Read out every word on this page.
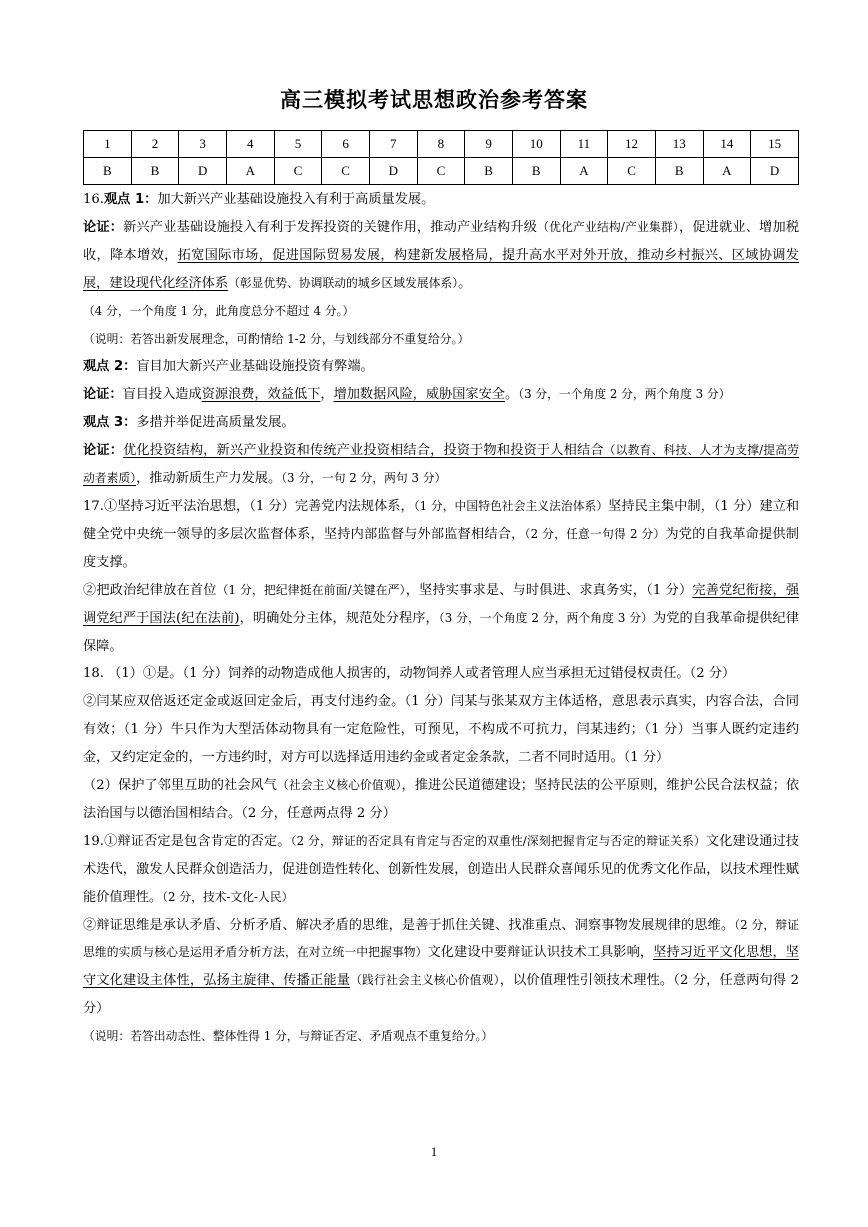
高三模拟考试思想政治参考答案
1	2	3	4	5	6	7	8	9	10	11	12	13	14	15
B	B	D	A	C	C	D	C	B	B	A	C	B	A	D

16.观点 1：加大新兴产业基础设施投入有利于高质量发展。

论证：新兴产业基础设施投入有利于发挥投资的关键作用，推动产业结构升级（优化产业结构/产业集群），促进就业、增加税收，降本增效，拓宽国际市场，促进国际贸易发展，构建新发展格局，提升高水平对外开放，推动乡村振兴、区域协调发展，建设现代化经济体系（彰显优势、协调联动的城乡区域发展体系）。

（4 分，一个角度 1 分，此角度总分不超过 4 分。）

（说明：若答出新发展理念，可酌情给 1-2 分，与划线部分不重复给分。）

观点 2：盲目加大新兴产业基础设施投资有弊端。

论证：盲目投入造成资源浪费，效益低下，增加数据风险，威胁国家安全。（3 分，一个角度 2 分，两个角度 3 分）

观点 3：多措并举促进高质量发展。

论证：优化投资结构，新兴产业投资和传统产业投资相结合，投资于物和投资于人相结合（以教育、科技、人才为支撑/提高劳动者素质），推动新质生产力发展。（3 分，一句 2 分，两句 3 分）

17.①坚持习近平法治思想，（1 分）完善党内法规体系，（1 分，中国特色社会主义法治体系）坚持民主集中制，（1 分）建立和健全党中央统一领导的多层次监督体系，坚持内部监督与外部监督相结合，（2 分，任意一句得 2 分）为党的自我革命提供制度支撑。

②把政治纪律放在首位（1 分，把纪律挺在前面/关键在严），坚持实事求是、与时俱进、求真务实，（1 分）完善党纪衔接，强调党纪严于国法(纪在法前)，明确处分主体，规范处分程序，（3 分，一个角度 2 分，两个角度 3 分）为党的自我革命提供纪律保障。

18. （1）①是。（1 分）饲养的动物造成他人损害的，动物饲养人或者管理人应当承担无过错侵权责任。（2 分）

②闫某应双倍返还定金或返回定金后，再支付违约金。（1 分）闫某与张某双方主体适格，意思表示真实，内容合法，合同有效；（1 分）牛只作为大型活体动物具有一定危险性，可预见，不构成不可抗力，闫某违约；（1 分）当事人既约定违约金，又约定定金的，一方违约时，对方可以选择适用违约金或者定金条款，二者不同时适用。（1 分）

（2）保护了邻里互助的社会风气（社会主义核心价值观），推进公民道德建设；坚持民法的公平原则，维护公民合法权益；依法治国与以德治国相结合。（2 分，任意两点得 2 分）

19.①辩证否定是包含肯定的否定。（2 分，辩证的否定具有肯定与否定的双重性/深刻把握肯定与否定的辩证关系）文化建设通过技术迭代，激发人民群众创造活力，促进创造性转化、创新性发展，创造出人民群众喜闻乐见的优秀文化作品，以技术理性赋能价值理性。（2 分，技术-文化-人民）

②辩证思维是承认矛盾、分析矛盾、解决矛盾的思维，是善于抓住关键、找准重点、洞察事物发展规律的思维。（2 分，辩证思维的实质与核心是运用矛盾分析方法，在对立统一中把握事物）文化建设中要辩证认识技术工具影响，坚持习近平文化思想，坚守文化建设主体性，弘扬主旋律、传播正能量（践行社会主义核心价值观），以价值理性引领技术理性。（2 分，任意两句得 2 分）

（说明：若答出动态性、整体性得 1 分，与辩证否定、矛盾观点不重复给分。）

1
